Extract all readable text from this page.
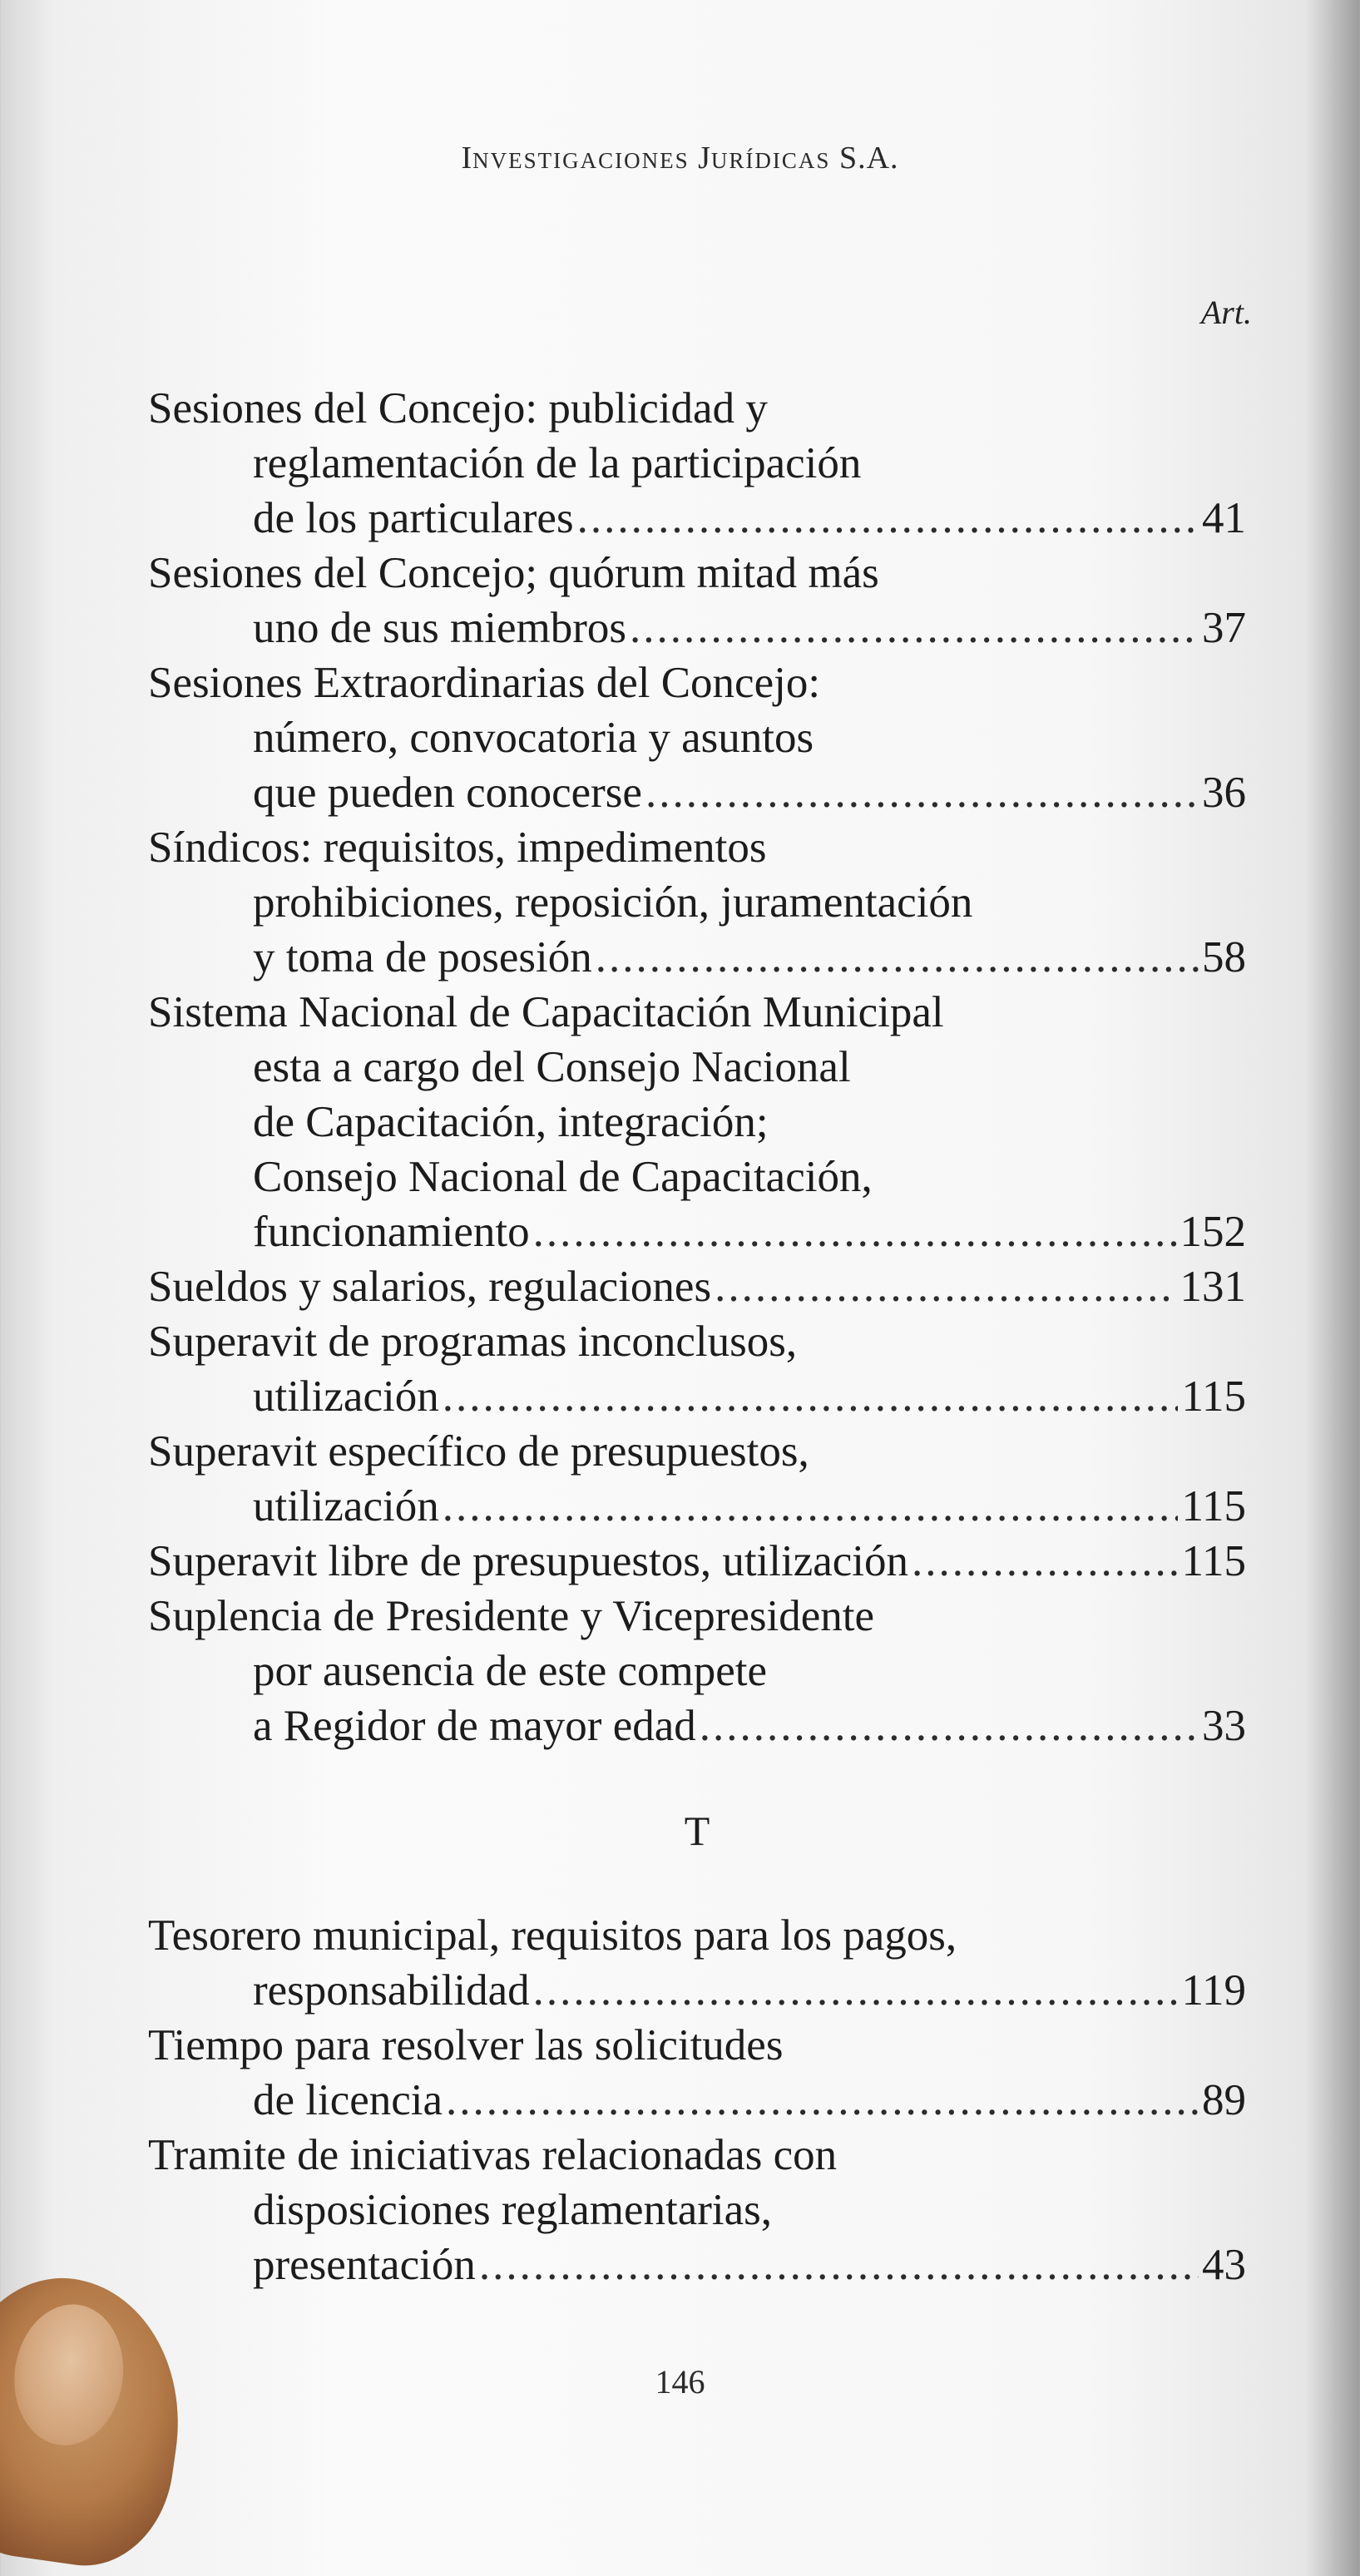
INVESTIGACIONES JURÍDICAS S.A.
Art.
Sesiones del Concejo: publicidad y
reglamentación de la participación
de los particulares .....	41
Sesiones del Concejo; quórum mitad más
uno de sus miembros .....	37
Sesiones Extraordinarias del Concejo:
número, convocatoria y asuntos
que pueden conocerse .....	36
Síndicos: requisitos, impedimentos
prohibiciones, reposición, juramentación
y toma de posesión .....	58
Sistema Nacional de Capacitación Municipal
esta a cargo del Consejo Nacional
de Capacitación, integración;
Consejo Nacional de Capacitación,
funcionamiento .....	152
Sueldos y salarios, regulaciones .....	131
Superavit de programas inconclusos,
utilización .....	115
Superavit específico de presupuestos,
utilización .....	115
Superavit libre de presupuestos, utilización .....	115
Suplencia de Presidente y Vicepresidente
por ausencia de este compete
a Regidor de mayor edad .....	33
T
Tesorero municipal, requisitos para los pagos,
responsabilidad .....	119
Tiempo para resolver las solicitudes
de licencia .....	89
Tramite de iniciativas relacionadas con
disposiciones reglamentarias,
presentación .....	43
146
